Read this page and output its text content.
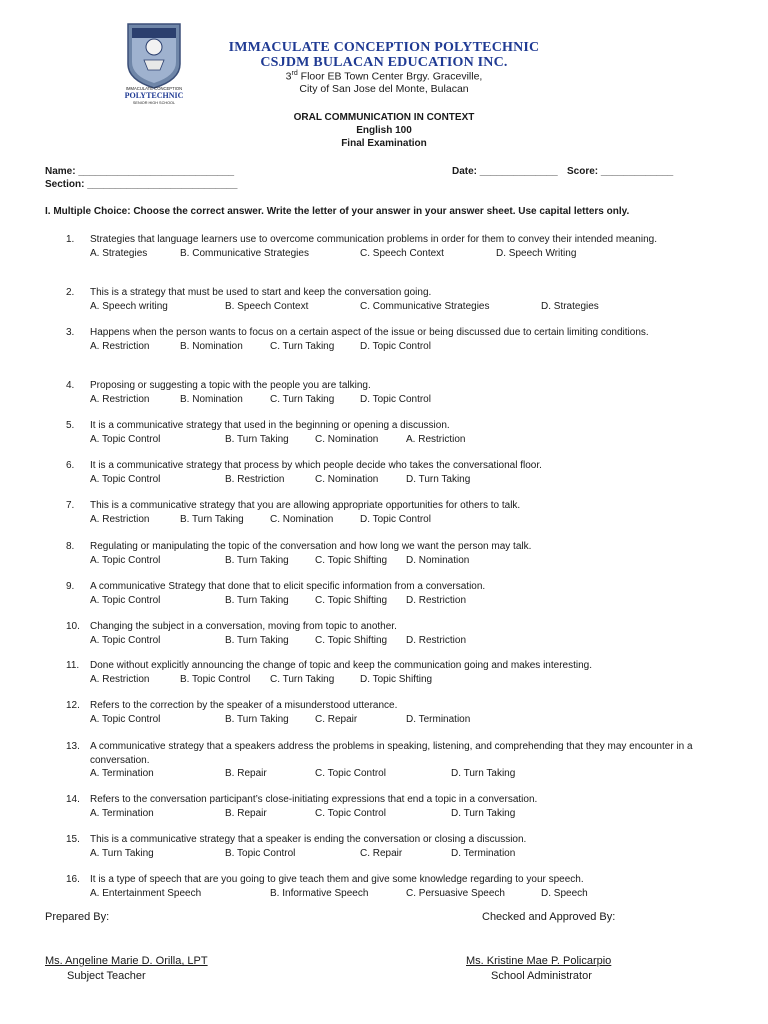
IMMACULATE CONCEPTION
POLYTECHNIC
SENIOR HIGH SCHOOL
IMMACULATE CONCEPTION POLYTECHNIC
CSJDM BULACAN EDUCATION INC.
3rd Floor EB Town Center Brgy. Graceville,
City of San Jose del Monte, Bulacan
ORAL COMMUNICATION IN CONTEXT
English 100
Final Examination
Name: ____________________________
Section: ___________________________
Date: ______________ Score: _____________
I. Multiple Choice: Choose the correct answer. Write the letter of your answer in your answer sheet. Use capital letters only.
1.	Strategies that language learners use to overcome communication problems in order for them to convey their intended meaning.
A. Strategies	B. Communicative Strategies	C. Speech Context	D. Speech Writing
2.	This is a strategy that must be used to start and keep the conversation going.
A. Speech writing	B. Speech Context	C. Communicative Strategies	D. Strategies
3.	Happens when the person wants to focus on a certain aspect of the issue or being discussed due to certain limiting conditions.
A. Restriction	B. Nomination	C. Turn Taking	D. Topic Control
4.	Proposing or suggesting a topic with the people you are talking.
A. Restriction	B. Nomination	C. Turn Taking	D. Topic Control
5.	It is a communicative strategy that used in the beginning or opening a discussion.
A. Topic Control	B. Turn Taking	C. Nomination	A. Restriction
6.	It is a communicative strategy that process by which people decide who takes the conversational floor.
A. Topic Control	B. Restriction	C. Nomination	D. Turn Taking
7.	This is a communicative strategy that you are allowing appropriate opportunities for others to talk.
A. Restriction	B. Turn Taking	C. Nomination	D. Topic Control
8.	Regulating or manipulating the topic of the conversation and how long we want the person may talk.
A. Topic Control	B. Turn Taking	C. Topic Shifting D. Nomination
9.	A communicative Strategy that done that to elicit specific information from a conversation.
A. Topic Control	B. Turn Taking	C. Topic Shifting D. Restriction
10.	Changing the subject in a conversation, moving from topic to another.
A. Topic Control	B. Turn Taking	C. Topic Shifting D. Restriction
11.	Done without explicitly announcing the change of topic and keep the communication going and makes interesting.
A. Restriction	B. Topic Control C. Turn Taking	D. Topic Shifting
12.	Refers to the correction by the speaker of a misunderstood utterance.
A. Topic Control	B. Turn Taking	C. Repair	D. Termination
13.	A communicative strategy that a speakers address the problems in speaking, listening, and comprehending that they may encounter in a conversation.
A. Termination	B. Repair	C. Topic Control	D. Turn Taking
14.	Refers to the conversation participant’s close-initiating expressions that end a topic in a conversation.
A. Termination	B. Repair	C. Topic Control	D. Turn Taking
15.	This is a communicative strategy that a speaker is ending the conversation or closing a discussion.
A. Turn Taking	B. Topic Control	C. Repair	D. Termination
16.	It is a type of speech that are you going to give teach them and give some knowledge regarding to your speech.
A. Entertainment Speech	B. Informative Speech	C. Persuasive Speech	D. Speech
Prepared By:	Checked and Approved By:
Ms. Angeline Marie D. Orilla, LPT
Subject Teacher
Ms. Kristine Mae P. Policarpio
School Administrator
